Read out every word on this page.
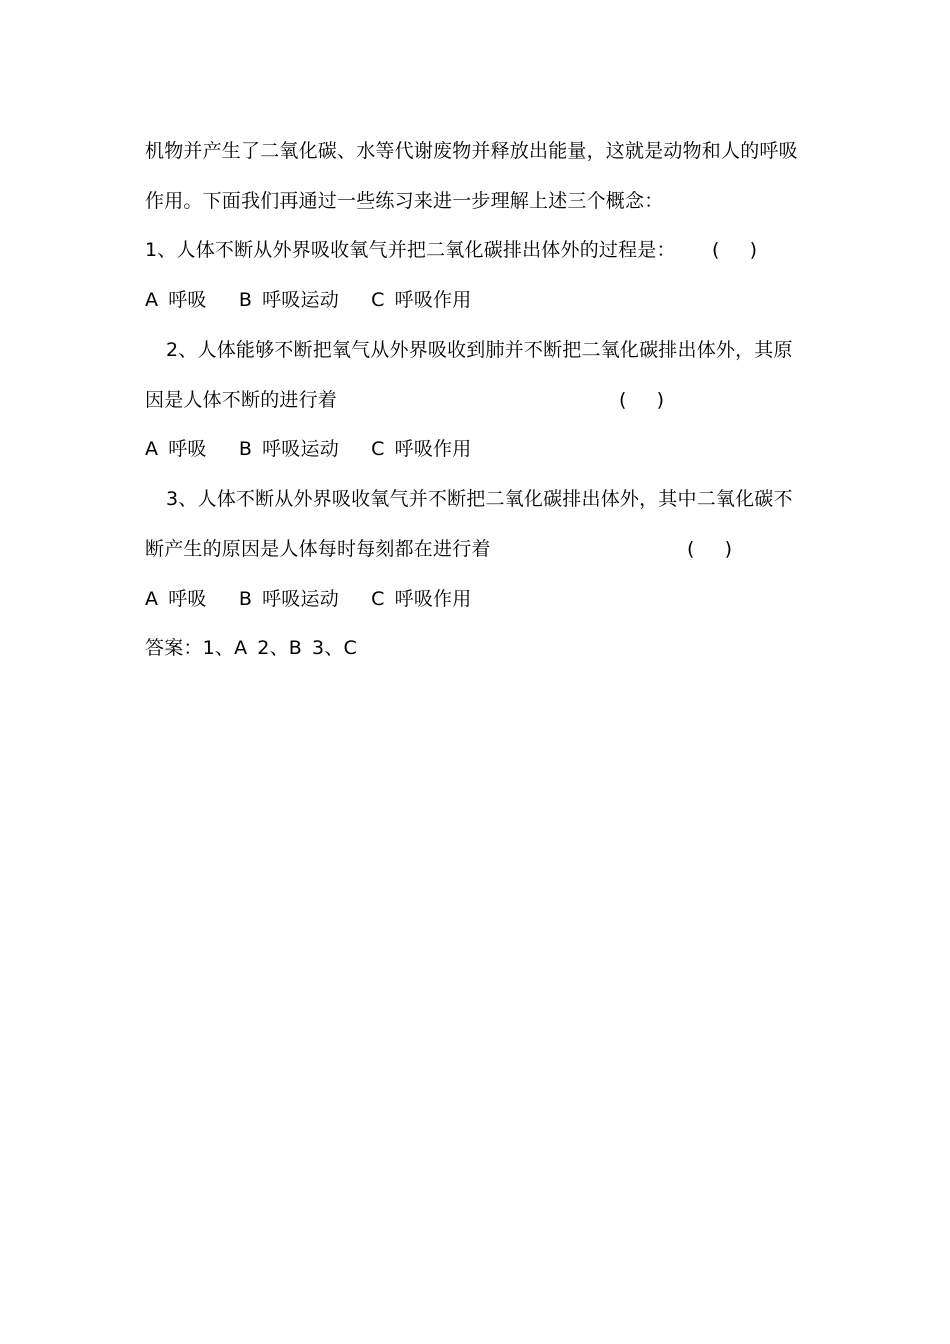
机物并产生了二氧化碳、水等代谢废物并释放出能量，这就是动物和人的呼吸
作用。下面我们再通过一些练习来进一步理解上述三个概念：
1、人体不断从外界吸收氧气并把二氧化碳排出体外的过程是： (     )
A 呼吸 B 呼吸运动 C 呼吸作用
2、人体能够不断把氧气从外界吸收到肺并不断把二氧化碳排出体外，其原
因是人体不断的进行着	(     )
A 呼吸 B 呼吸运动 C 呼吸作用
3、人体不断从外界吸收氧气并不断把二氧化碳排出体外，其中二氧化碳不
断产生的原因是人体每时每刻都在进行着	(     )
A 呼吸 B 呼吸运动 C 呼吸作用
答案：1、A 2、B 3、C
